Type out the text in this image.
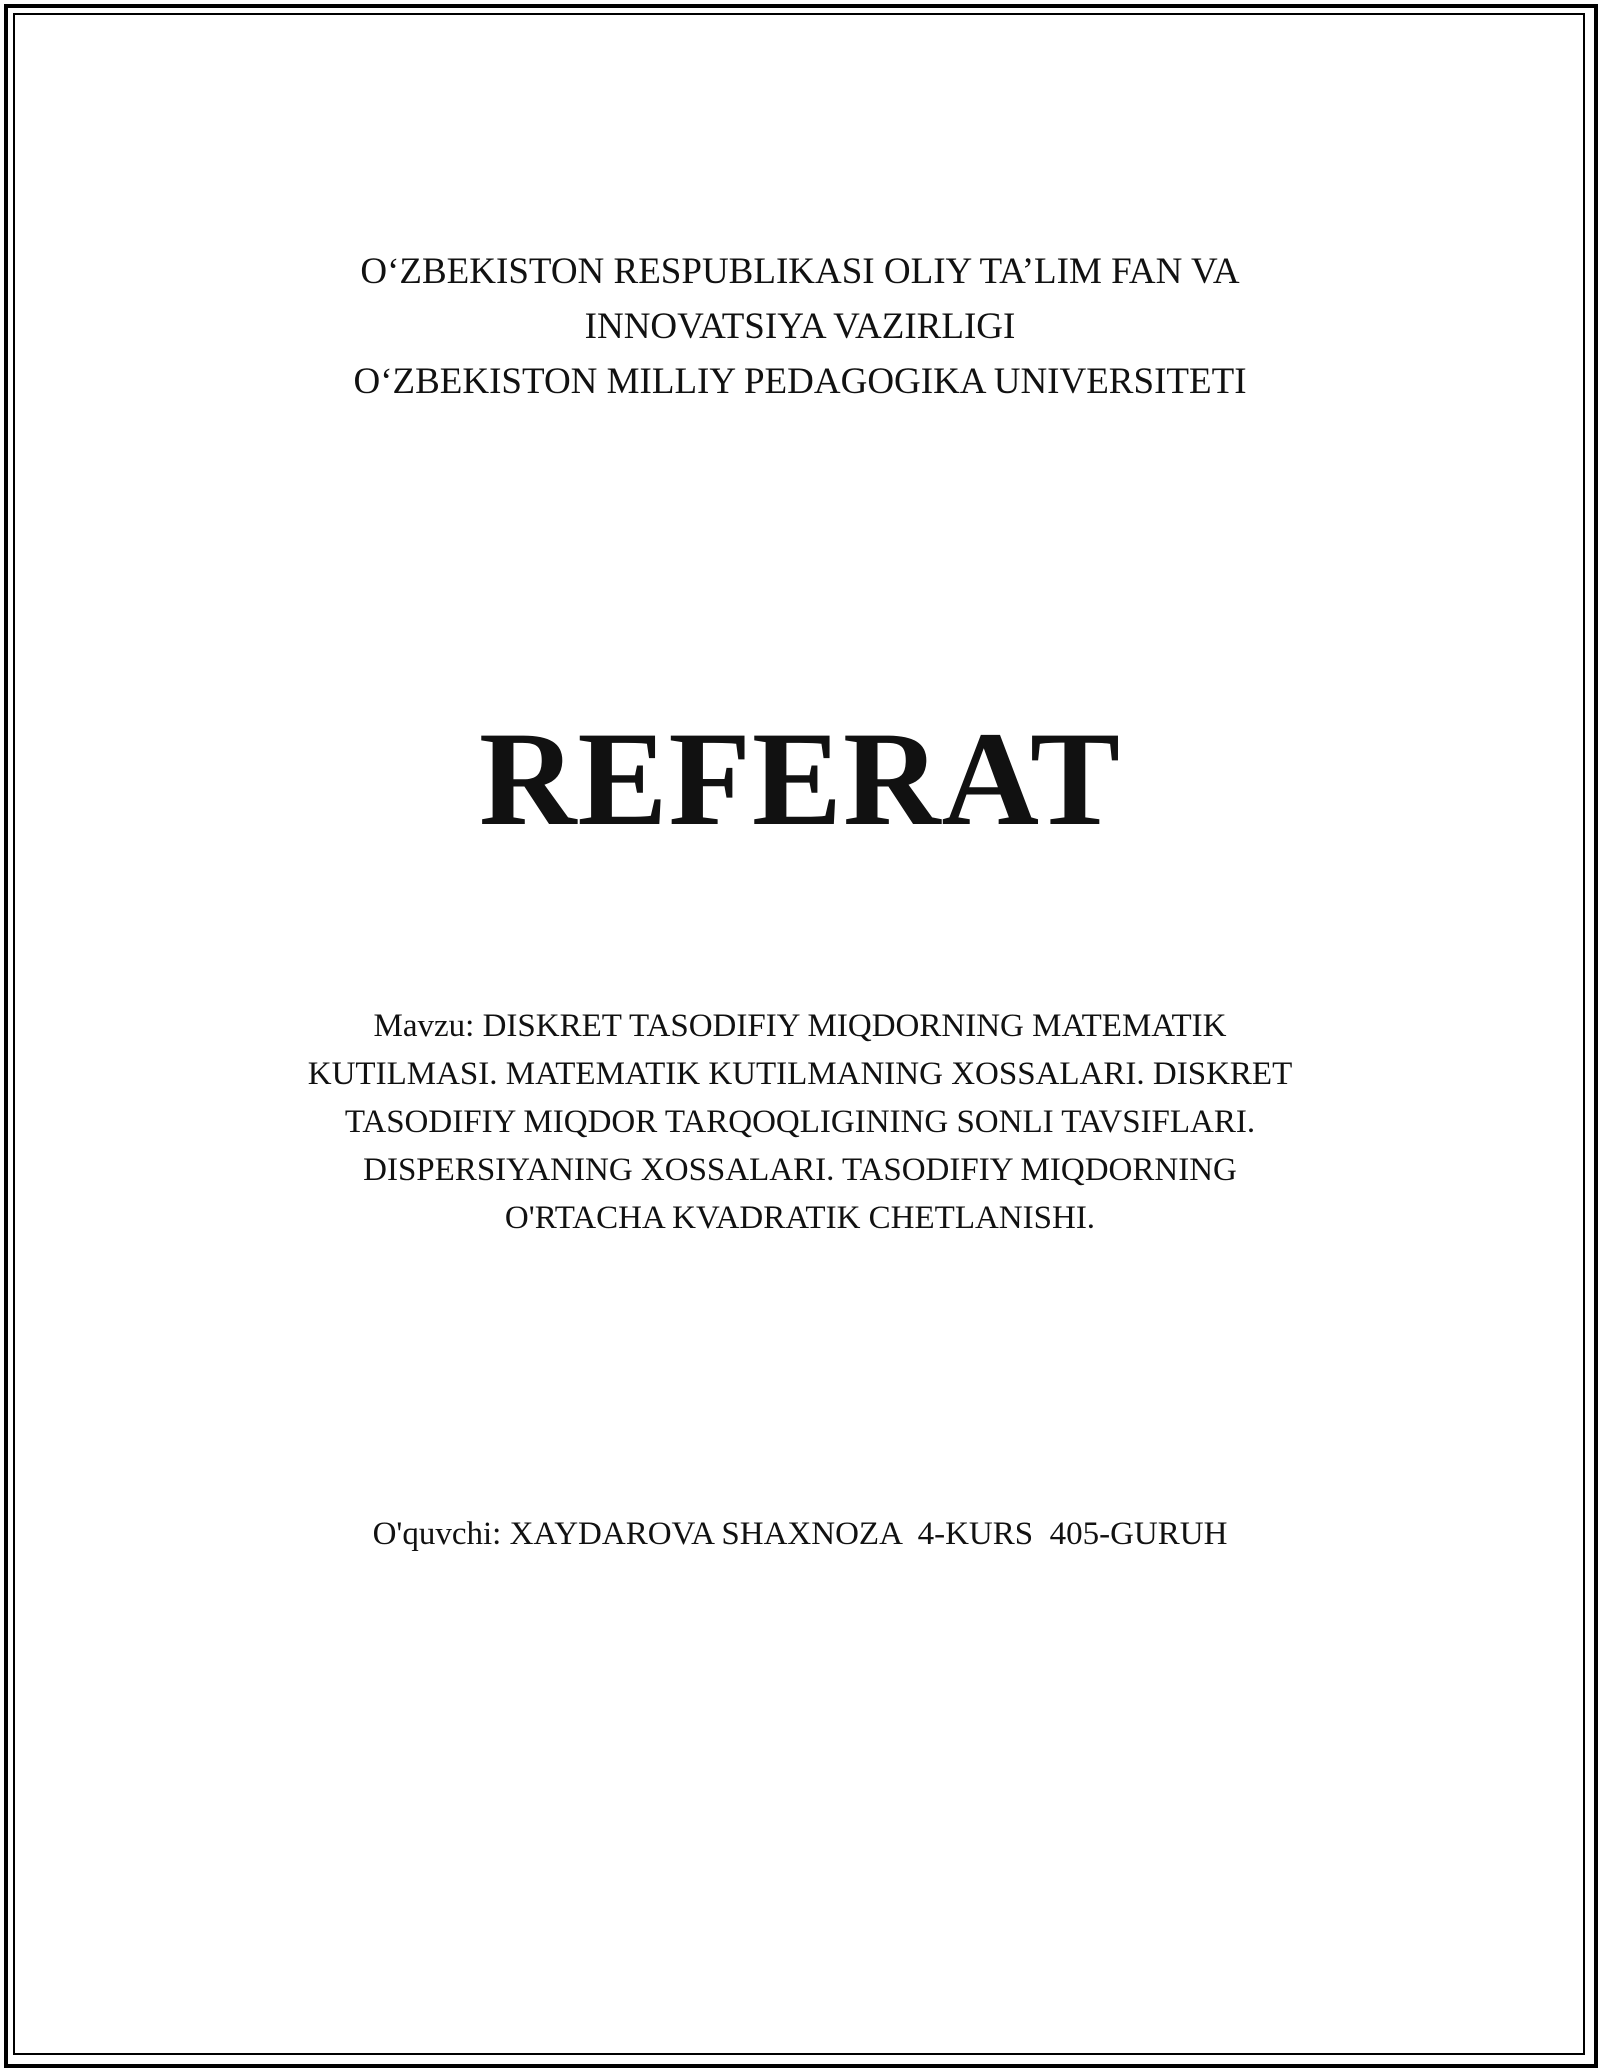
O‘ZBEKISTON RESPUBLIKASI OLIY TA’LIM FAN VA
INNOVATSIYA VAZIRLIGI
O‘ZBEKISTON MILLIY PEDAGOGIKA UNIVERSITETI
REFERAT
Mavzu: DISKRET TASODIFIY MIQDORNING MATEMATIK
KUTILMASI. MATEMATIK KUTILMANING XOSSALARI. DISKRET
TASODIFIY MIQDOR TARQOQLIGINING SONLI TAVSIFLARI.
DISPERSIYANING XOSSALARI. TASODIFIY MIQDORNING
O'RTACHA KVADRATIK CHETLANISHI.
O'quvchi: XAYDAROVA SHAXNOZA  4-KURS  405-GURUH
